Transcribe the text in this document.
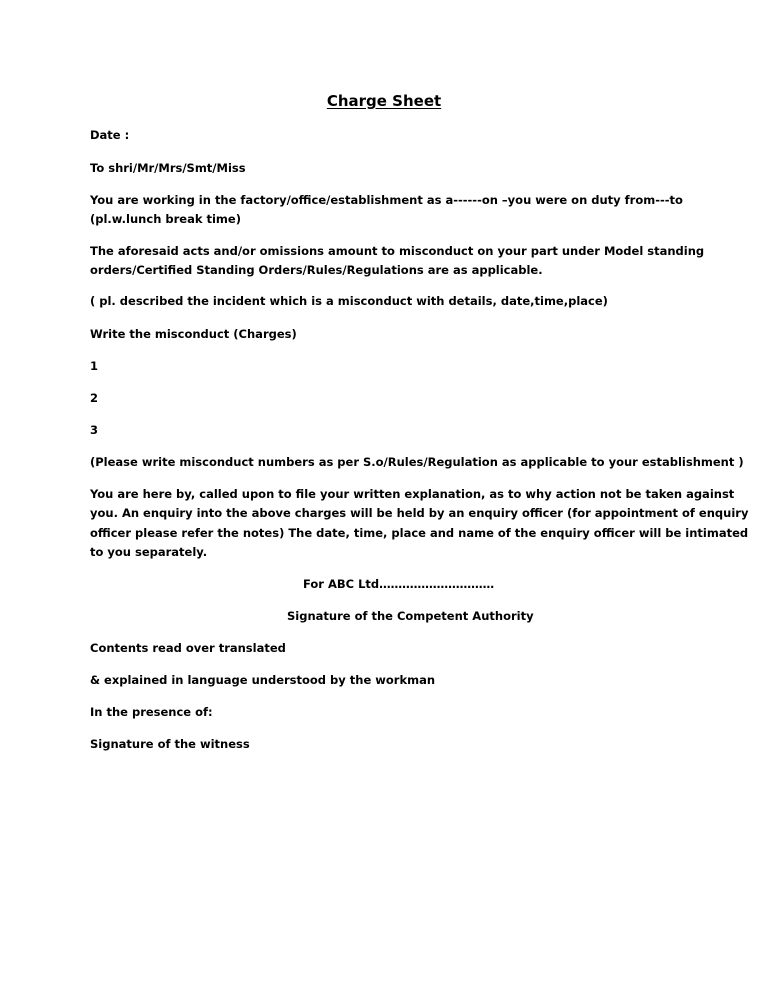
Charge Sheet
Date :
To shri/Mr/Mrs/Smt/Miss
You are working in the factory/office/establishment as a------on –you were on duty from---to
(pl.w.lunch break time)
The aforesaid acts and/or omissions amount to misconduct on your part under Model standing
orders/Certified Standing Orders/Rules/Regulations are as applicable.
( pl. described the incident which is a misconduct with details, date,time,place)
Write the misconduct (Charges)
1
2
3
(Please write misconduct numbers as per S.o/Rules/Regulation as applicable to your establishment )
You are here by, called upon to file your written explanation, as to why action not be taken against
you. An enquiry into the above charges will be held by an enquiry officer (for appointment of enquiry
officer please refer the notes) The date, time, place and name of the enquiry officer will be intimated
to you separately.
For ABC Ltd…………………………
Signature of the Competent Authority
Contents read over translated
& explained in language understood by the workman
In the presence of:
Signature of the witness
